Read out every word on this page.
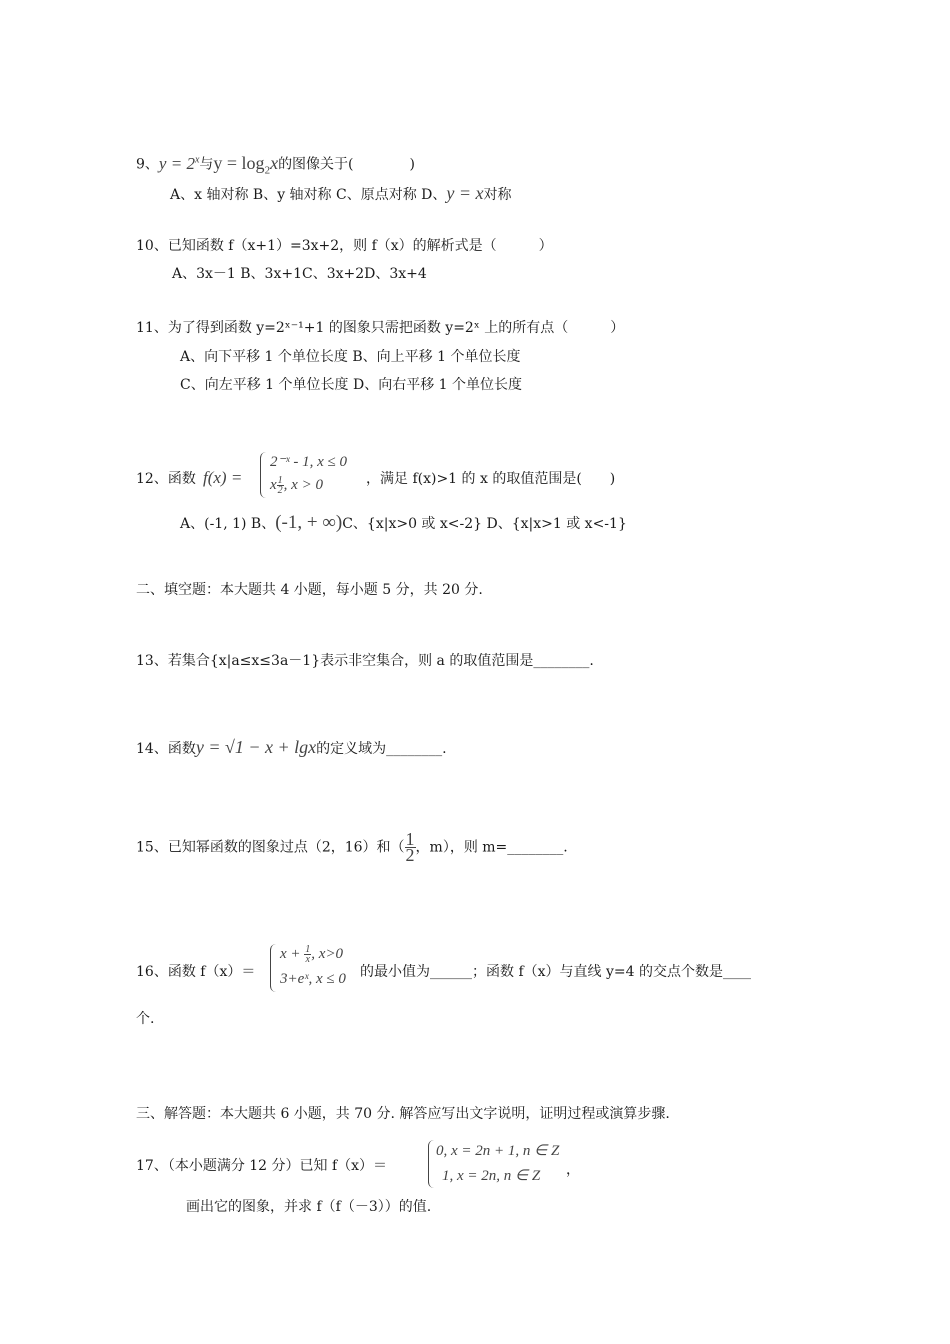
9、$y = 2^x$与$y = \log_2x$的图像关于(　　　　)
A、x 轴对称 B、y 轴对称 C、原点对称 D、y = x对称
10、已知函数 f（x+1）=3x+2，则 f（x）的解析式是（　　　）
A、3x－1 B、3x+1C、3x+2D、3x+4
11、为了得到函数 y=2ˣ⁻¹+1 的图象只需把函数 y=2ˣ 上的所有点（　　　）
A、向下平移 1 个单位长度 B、向上平移 1 个单位长度
C、向左平移 1 个单位长度 D、向右平移 1 个单位长度
12、函数 f(x) =
2⁻ˣ - 1, x ≤ 0
x $\frac{1}{2}$ , x > 0	，满足 f(x)>1 的 x 的取值范围是(　　)
A、(-1, 1) B、(-1, + ∞)C、{x|x>0 或 x<-2} D、{x|x>1 或 x<-1}
二、填空题：本大题共 4 小题，每小题 5 分，共 20 分.
13、若集合{x|a≤x≤3a－1}表示非空集合，则 a 的取值范围是________.
14、函数y = √1 − x + lgx的定义域为________.
15、已知幂函数的图象过点（2，16）和（ $\frac{1}{2}$ ，m），则 m=________.
16、函数 f（x）＝
$x + \frac{1}{x}$ , x>0
3+eˣ, x ≤ 0 的最小值为______；函数 f（x）与直线 y=4 的交点个数是____
个.
三、解答题：本大题共 6 小题，共 70 分. 解答应写出文字说明，证明过程或演算步骤.
17、（本小题满分 12 分）已知 f（x）＝
0, x = 2n + 1, n ∈ Z
1, x = 2n, n ∈ Z ，
画出它的图象，并求 f（f（－3））的值.
